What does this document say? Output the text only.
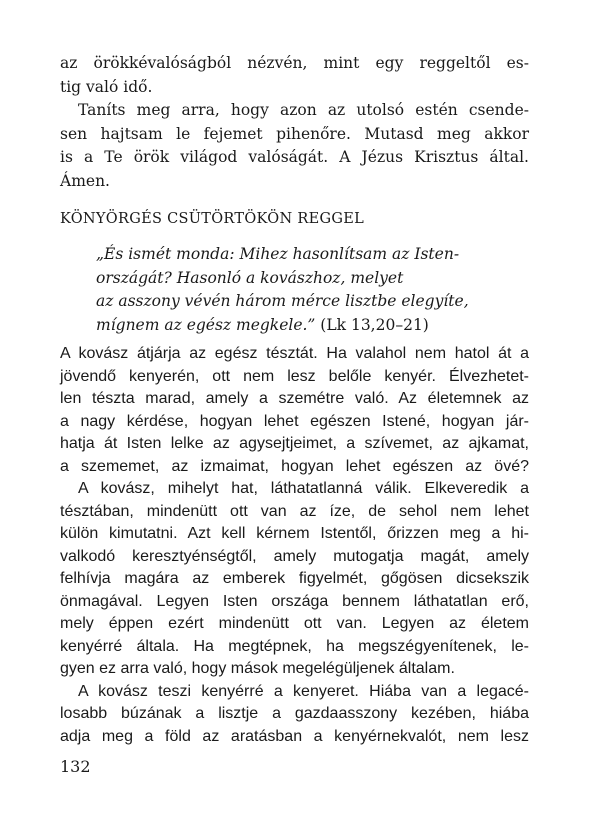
az örökkévalóságból nézvén, mint egy reggeltől es-
tig való idő.
Taníts meg arra, hogy azon az utolsó estén csende-
sen hajtsam le fejemet pihenőre. Mutasd meg akkor
is a Te örök világod valóságát. A Jézus Krisztus által.
Ámen.
KÖNYÖRGÉS CSÜTÖRTÖKÖN REGGEL
„És ismét monda: Mihez hasonlítsam az Isten-
országát? Hasonló a kovászhoz, melyet
az asszony vévén három mérce lisztbe elegyíte,
mígnem az egész megkele.” (Lk 13,20–21)
A kovász átjárja az egész tésztát. Ha valahol nem hatol át a
jövendő kenyerén, ott nem lesz belőle kenyér. Élvezhetet-
len tészta marad, amely a szemétre való. Az életemnek az
a nagy kérdése, hogyan lehet egészen Istené, hogyan jár-
hatja át Isten lelke az agysejtjeimet, a szívemet, az ajkamat,
a szememet, az izmaimat, hogyan lehet egészen az övé?
A kovász, mihelyt hat, láthatatlanná válik. Elkeveredik a
tésztában, mindenütt ott van az íze, de sehol nem lehet
külön kimutatni. Azt kell kérnem Istentől, őrizzen meg a hi-
valkodó keresztyénségtől, amely mutogatja magát, amely
felhívja magára az emberek figyelmét, gőgösen dicsekszik
önmagával. Legyen Isten országa bennem láthatatlan erő,
mely éppen ezért mindenütt ott van. Legyen az életem
kenyérré általa. Ha megtépnek, ha megszégyenítenek, le-
gyen ez arra való, hogy mások megelégüljenek általam.
A kovász teszi kenyérré a kenyeret. Hiába van a legacé-
losabb búzának a lisztje a gazdaasszony kezében, hiába
adja meg a föld az aratásban a kenyérnekvalót, nem lesz
132
